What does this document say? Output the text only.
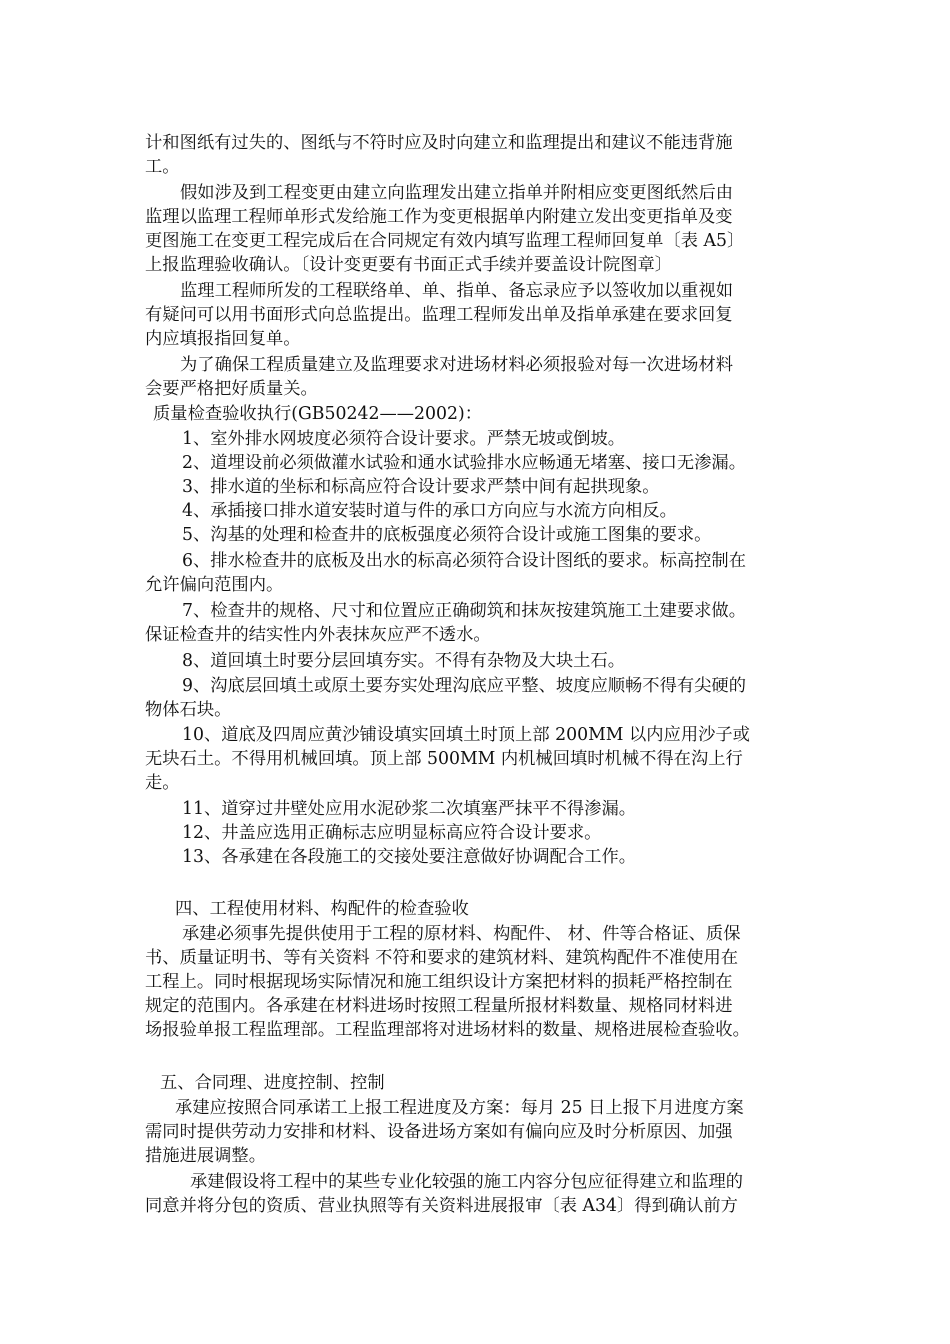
计和图纸有过失的、图纸与不符时应及时向建立和监理提出和建议不能违背施
工。
假如涉及到工程变更由建立向监理发出建立指单并附相应变更图纸然后由
监理以监理工程师单形式发给施工作为变更根据单内附建立发出变更指单及变
更图施工在变更工程完成后在合同规定有效内填写监理工程师回复单〔表 A5〕
上报监理验收确认。〔设计变更要有书面正式手续并要盖设计院图章〕
监理工程师所发的工程联络单、单、指单、备忘录应予以签收加以重视如
有疑问可以用书面形式向总监提出。监理工程师发出单及指单承建在要求回复
内应填报指回复单。
为了确保工程质量建立及监理要求对进场材料必须报验对每一次进场材料
会要严格把好质量关。
质量检查验收执行(GB50242——2002)：
1、室外排水网坡度必须符合设计要求。严禁无坡或倒坡。
2、道埋设前必须做灌水试验和通水试验排水应畅通无堵塞、接口无渗漏。
3、排水道的坐标和标高应符合设计要求严禁中间有起拱现象。
4、承插接口排水道安装时道与件的承口方向应与水流方向相反。
5、沟基的处理和检查井的底板强度必须符合设计或施工图集的要求。
6、排水检查井的底板及出水的标高必须符合设计图纸的要求。标高控制在
允许偏向范围内。
7、检查井的规格、尺寸和位置应正确砌筑和抹灰按建筑施工土建要求做。
保证检查井的结实性内外表抹灰应严不透水。
8、道回填土时要分层回填夯实。不得有杂物及大块土石。
9、沟底层回填土或原土要夯实处理沟底应平整、坡度应顺畅不得有尖硬的
物体石块。
10、道底及四周应黄沙铺设填实回填土时顶上部 200MM 以内应用沙子或
无块石土。不得用机械回填。顶上部 500MM 内机械回填时机械不得在沟上行
走。
11、道穿过井壁处应用水泥砂浆二次填塞严抹平不得渗漏。
12、井盖应选用正确标志应明显标高应符合设计要求。
13、各承建在各段施工的交接处要注意做好协调配合工作。
四、工程使用材料、构配件的检查验收
承建必须事先提供使用于工程的原材料、构配件、 材、件等合格证、质保
书、质量证明书、等有关资料 不符和要求的建筑材料、建筑构配件不准使用在
工程上。同时根据现场实际情况和施工组织设计方案把材料的损耗严格控制在
规定的范围内。各承建在材料进场时按照工程量所报材料数量、规格同材料进
场报验单报工程监理部。工程监理部将对进场材料的数量、规格进展检查验收。
五、合同理、进度控制、控制
承建应按照合同承诺工上报工程进度及方案：每月 25 日上报下月进度方案
需同时提供劳动力安排和材料、设备进场方案如有偏向应及时分析原因、加强
措施进展调整。
承建假设将工程中的某些专业化较强的施工内容分包应征得建立和监理的
同意并将分包的资质、营业执照等有关资料进展报审〔表 A34〕得到确认前方
